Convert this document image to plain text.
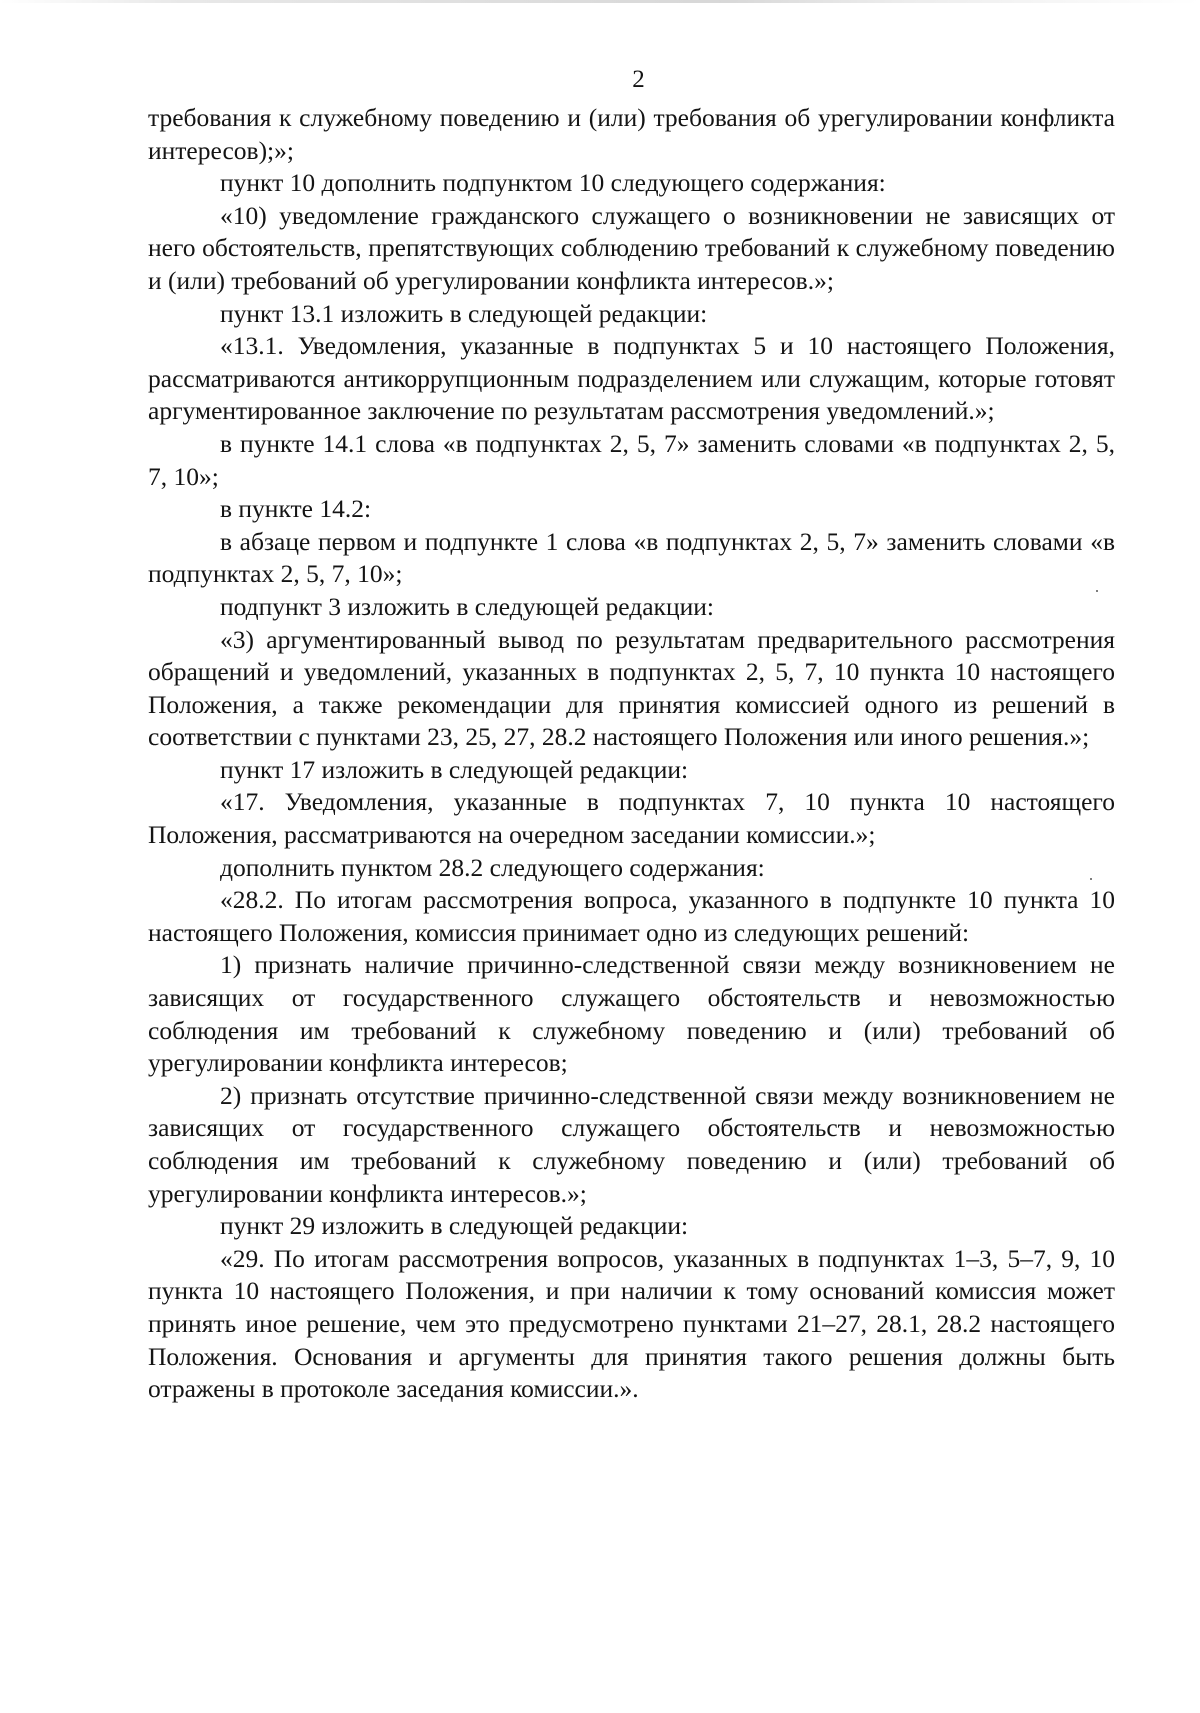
2

требования к служебному поведению и (или) требования об урегулировании конфликта интересов);»;

пункт 10 дополнить подпунктом 10 следующего содержания:

«10) уведомление гражданского служащего о возникновении не зависящих от него обстоятельств, препятствующих соблюдению требований к служебному поведению и (или) требований об урегулировании конфликта интересов.»;

пункт 13.1 изложить в следующей редакции:

«13.1. Уведомления, указанные в подпунктах 5 и 10 настоящего Положения, рассматриваются антикоррупционным подразделением или служащим, которые готовят аргументированное заключение по результатам рассмотрения уведомлений.»;

в пункте 14.1 слова «в подпунктах 2, 5, 7» заменить словами «в подпунктах 2, 5, 7, 10»;

в пункте 14.2:

в абзаце первом и подпункте 1 слова «в подпунктах 2, 5, 7» заменить словами «в подпунктах 2, 5, 7, 10»;

подпункт 3 изложить в следующей редакции:

«3) аргументированный вывод по результатам предварительного рассмотрения обращений и уведомлений, указанных в подпунктах 2, 5, 7, 10 пункта 10 настоящего Положения, а также рекомендации для принятия комиссией одного из решений в соответствии с пунктами 23, 25, 27, 28.2 настоящего Положения или иного решения.»;

пункт 17 изложить в следующей редакции:

«17. Уведомления, указанные в подпунктах 7, 10 пункта 10 настоящего Положения, рассматриваются на очередном заседании комиссии.»;

дополнить пунктом 28.2 следующего содержания:

«28.2. По итогам рассмотрения вопроса, указанного в подпункте 10 пункта 10 настоящего Положения, комиссия принимает одно из следующих решений:

1) признать наличие причинно-следственной связи между возникновением не зависящих от государственного служащего обстоятельств и невозможностью соблюдения им требований к служебному поведению и (или) требований об урегулировании конфликта интересов;

2) признать отсутствие причинно-следственной связи между возникновением не зависящих от государственного служащего обстоятельств и невозможностью соблюдения им требований к служебному поведению и (или) требований об урегулировании конфликта интересов.»;

пункт 29 изложить в следующей редакции:

«29. По итогам рассмотрения вопросов, указанных в подпунктах 1–3, 5–7, 9, 10 пункта 10 настоящего Положения, и при наличии к тому оснований комиссия может принять иное решение, чем это предусмотрено пунктами 21–27, 28.1, 28.2 настоящего Положения. Основания и аргументы для принятия такого решения должны быть отражены в протоколе заседания комиссии.».
